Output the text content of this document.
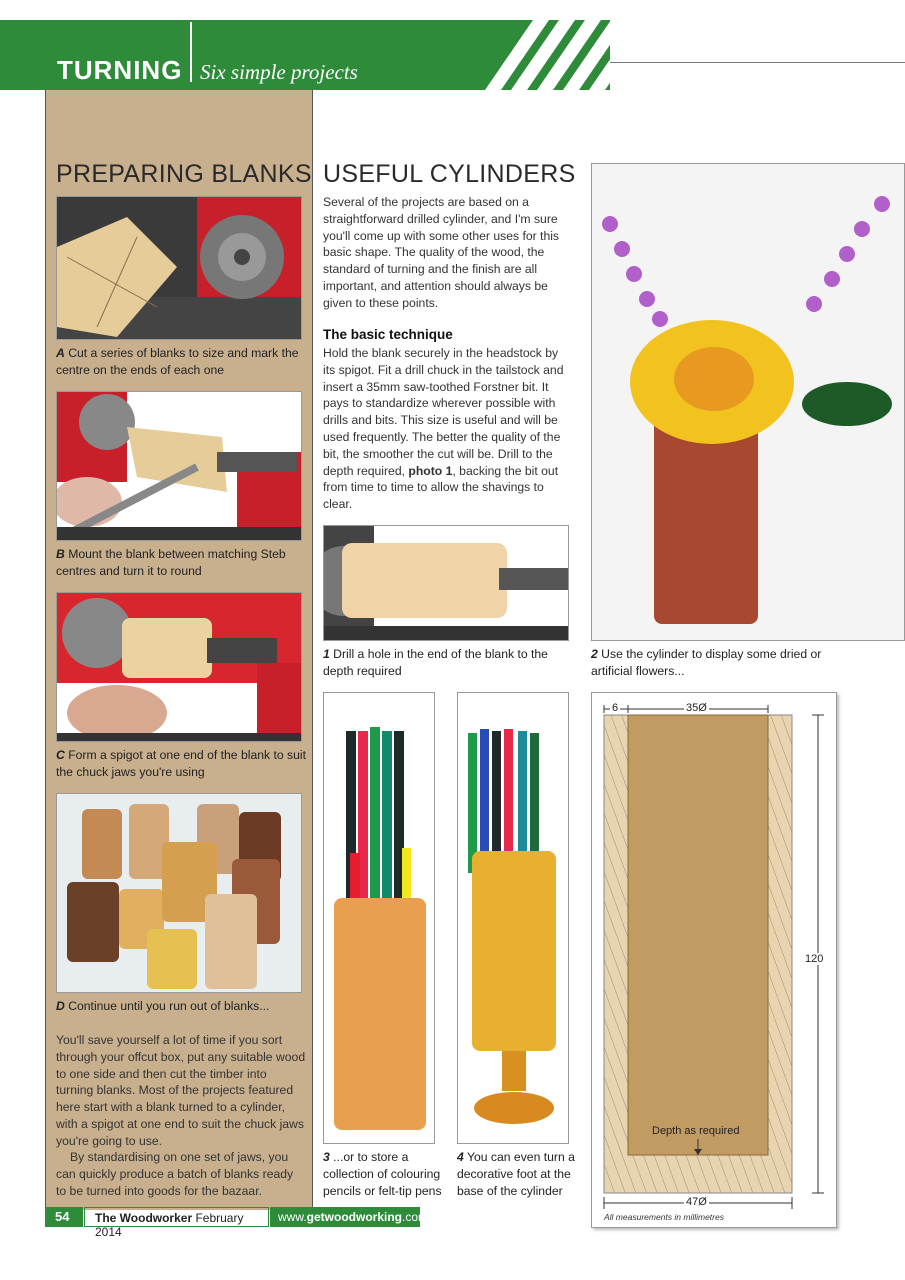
TURNING Six simple projects
PREPARING BLANKS
A Cut a series of blanks to size and mark the centre on the ends of each one
B Mount the blank between matching Steb centres and turn it to round
C Form a spigot at one end of the blank to suit the chuck jaws you're using
D Continue until you run out of blanks...
You'll save yourself a lot of time if you sort through your offcut box, put any suitable wood to one side and then cut the timber into turning blanks. Most of the projects featured here start with a blank turned to a cylinder, with a spigot at one end to suit the chuck jaws you're going to use.
By standardising on one set of jaws, you can quickly produce a batch of blanks ready to be turned into goods for the bazaar.
USEFUL CYLINDERS
Several of the projects are based on a straightforward drilled cylinder, and I'm sure you'll come up with some other uses for this basic shape. The quality of the wood, the standard of turning and the finish are all important, and attention should always be given to these points.
The basic technique
Hold the blank securely in the headstock by its spigot. Fit a drill chuck in the tailstock and insert a 35mm saw-toothed Forstner bit. It pays to standardize wherever possible with drills and bits. This size is useful and will be used frequently. The better the quality of the bit, the smoother the cut will be. Drill to the depth required, photo 1, backing the bit out from time to time to allow the shavings to clear.
1 Drill a hole in the end of the blank to the depth required
2 Use the cylinder to display some dried or artificial flowers...
3 ...or to store a collection of colouring pencils or felt-tip pens
4 You can even turn a decorative foot at the base of the cylinder
6	35Ø
120
47Ø
Depth as required
All measurements in millimetres
54	The Woodworker February 2014
www.getwoodworking.com
